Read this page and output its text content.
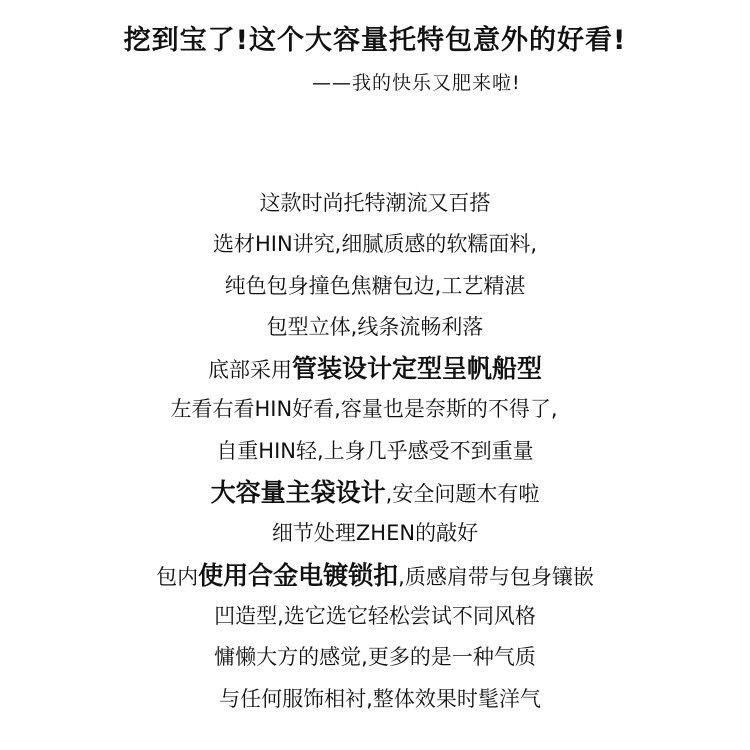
挖到宝了!这个大容量托特包意外的好看!
——我的快乐又肥来啦!
这款时尚托特潮流又百搭
选材HIN讲究,细腻质感的软糯面料,
纯色包身撞色焦糖包边,工艺精湛
包型立体,线条流畅利落
底部采用管装设计定型呈帆船型
左看右看HIN好看,容量也是奈斯的不得了,
自重HIN轻,上身几乎感受不到重量
大容量主袋设计,安全问题木有啦
细节处理ZHEN的敲好
包内使用合金电镀锁扣,质感肩带与包身镶嵌
凹造型,选它选它轻松尝试不同风格
慵懒大方的感觉,更多的是一种气质
与任何服饰相衬,整体效果时髦洋气
